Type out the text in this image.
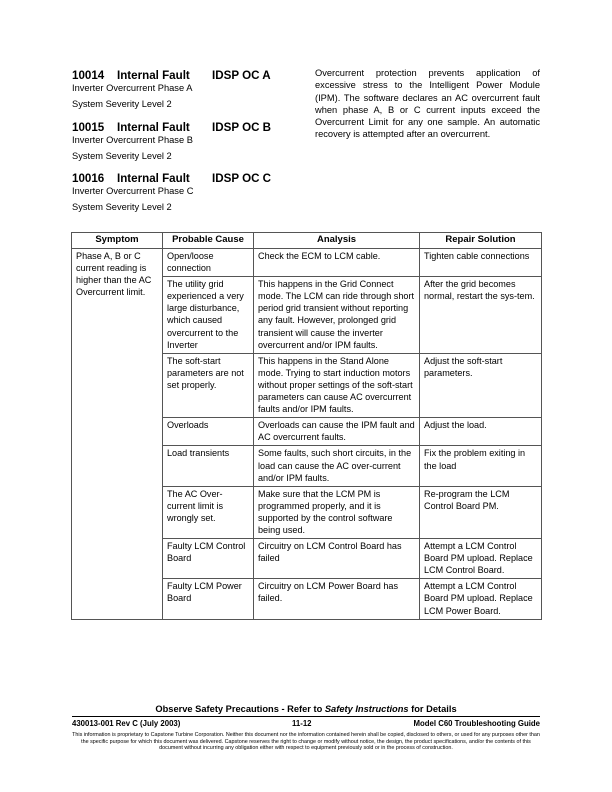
10014 Internal Fault IDSP OC A

Inverter Overcurrent Phase A

System Severity Level 2

10015 Internal Fault IDSP OC B

Inverter Overcurrent Phase B

System Severity Level 2

10016 Internal Fault IDSP OC C

Inverter Overcurrent Phase C

System Severity Level 2

Overcurrent protection prevents application of excessive stress to the Intelligent Power Module (IPM). The software declares an AC overcurrent fault when phase A, B or C current inputs exceed the Overcurrent Limit for any one sample. An automatic recovery is attempted after an overcurrent.

Symptom	Probable Cause	Analysis	Repair Solution
Phase A, B or C current reading is higher than the AC Overcurrent limit.	Open/loose connection	Check the ECM to LCM cable.	Tighten cable connections
	The utility grid experienced a very large disturbance, which caused overcurrent to the Inverter	This happens in the Grid Connect mode. The LCM can ride through short period grid transient without reporting any fault. However, prolonged grid transient will cause the inverter overcurrent and/or IPM faults.	After the grid becomes normal, restart the sys-tem.
	The soft-start parameters are not set properly.	This happens in the Stand Alone mode. Trying to start induction motors without proper settings of the soft-start parameters can cause AC overcurrent faults and/or IPM faults.	Adjust the soft-start parameters.
	Overloads	Overloads can cause the IPM fault and AC overcurrent faults.	Adjust the load.
	Load transients	Some faults, such short circuits, in the load can cause the AC over-current and/or IPM faults.	Fix the problem exiting in the load
	The AC Over-current limit is wrongly set.	Make sure that the LCM PM is programmed properly, and it is supported by the control software being used.	Re-program the LCM Control Board PM.
	Faulty LCM Control Board	Circuitry on LCM Control Board has failed	Attempt a LCM Control Board PM upload. Replace LCM Control Board.
	Faulty LCM Power Board	Circuitry on LCM Power Board has failed.	Attempt a LCM Control Board PM upload. Replace LCM Power Board.
Observe Safety Precautions - Refer to Safety Instructions for Details
430013-001 Rev C (July 2003)	11-12	Model C60 Troubleshooting Guide
This information is proprietary to Capstone Turbine Corporation. Neither this document nor the information contained herein shall be copied, disclosed to others, or used for any purposes other than the specific purpose for which this document was delivered. Capstone reserves the right to change or modify without notice, the design, the product specifications, and/or the contents of this document without incurring any obligation either with respect to equipment previously sold or in the process of construction.
